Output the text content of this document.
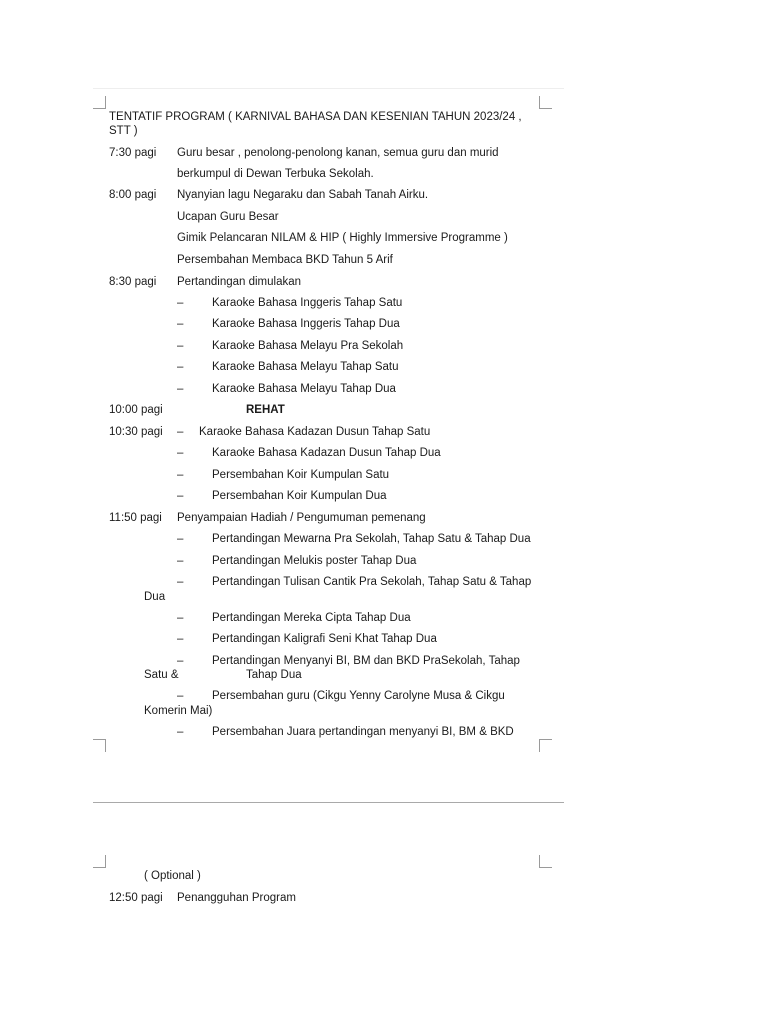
TENTATIF PROGRAM ( KARNIVAL BAHASA DAN KESENIAN TAHUN 2023/24 ,
STT )
7:30 pagi Guru besar , penolong-penolong kanan, semua guru dan murid
berkumpul di Dewan Terbuka Sekolah.
8:00 pagi Nyanyian lagu Negaraku dan Sabah Tanah Airku.
Ucapan Guru Besar
Gimik Pelancaran NILAM & HIP ( Highly Immersive Programme )
Persembahan Membaca BKD Tahun 5 Arif
8:30 pagi Pertandingan dimulakan
– Karaoke Bahasa Inggeris Tahap Satu
– Karaoke Bahasa Inggeris Tahap Dua
– Karaoke Bahasa Melayu Pra Sekolah
– Karaoke Bahasa Melayu Tahap Satu
– Karaoke Bahasa Melayu Tahap Dua
10:00 pagi	REHAT
10:30 pagi – Karaoke Bahasa Kadazan Dusun Tahap Satu
– Karaoke Bahasa Kadazan Dusun Tahap Dua
– Persembahan Koir Kumpulan Satu
– Persembahan Koir Kumpulan Dua
11:50 pagi Penyampaian Hadiah / Pengumuman pemenang
– Pertandingan Mewarna Pra Sekolah, Tahap Satu & Tahap Dua
– Pertandingan Melukis poster Tahap Dua
– Pertandingan Tulisan Cantik Pra Sekolah, Tahap Satu & Tahap
Dua
– Pertandingan Mereka Cipta Tahap Dua
– Pertandingan Kaligrafi Seni Khat Tahap Dua
– Pertandingan Menyanyi BI, BM dan BKD PraSekolah, Tahap
Satu &	Tahap Dua
– Persembahan guru (Cikgu Yenny Carolyne Musa & Cikgu
Komerin Mai)
– Persembahan Juara pertandingan menyanyi BI, BM & BKD
( Optional )
12:50 pagi Penangguhan Program
